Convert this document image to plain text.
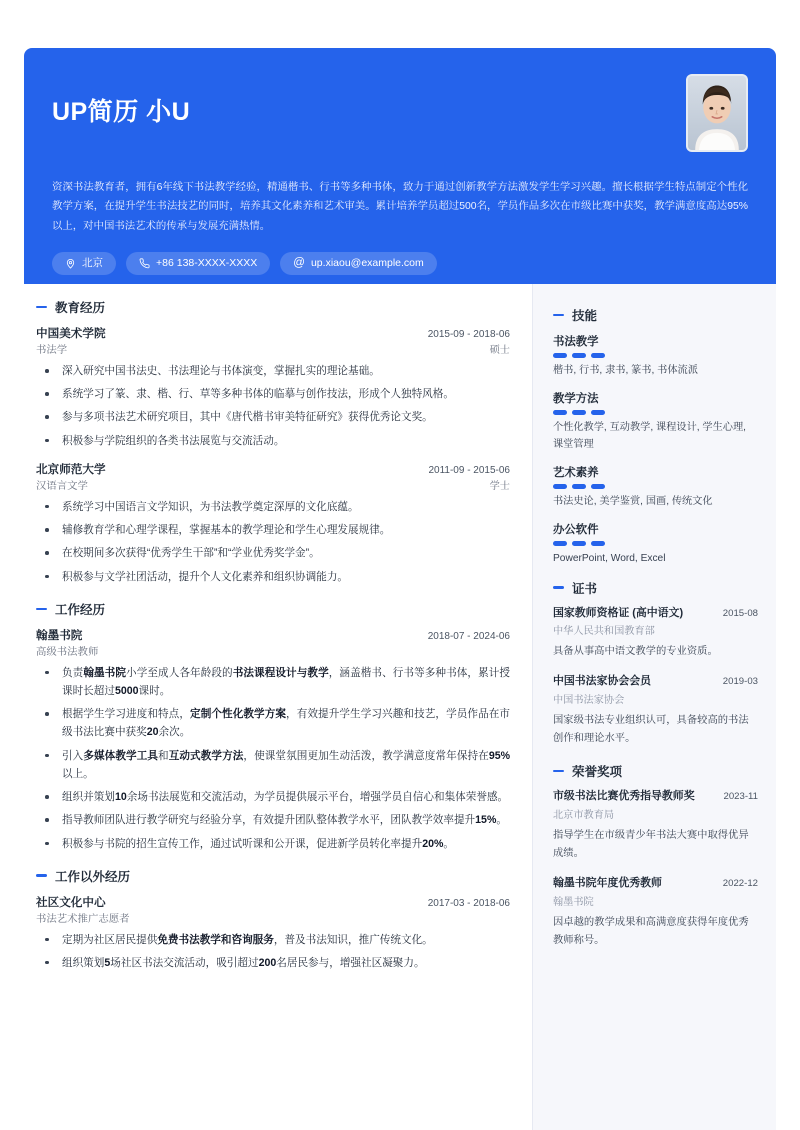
UP简历 小U
资深书法教育者，拥有6年线下书法教学经验，精通楷书、行书等多种书体，致力于通过创新教学方法激发学生学习兴趣。擅长根据学生特点制定个性化教学方案，在提升学生书法技艺的同时，培养其文化素养和艺术审美。累计培养学员超过500名，学员作品多次在市级比赛中获奖，教学满意度高达95%以上，对中国书法艺术的传承与发展充满热情。
北京	+86 138-XXXX-XXXX	@ up.xiaou@example.com
教育经历
中国美术学院	2015-09 - 2018-06
书法学	硕士
深入研究中国书法史、书法理论与书体演变，掌握扎实的理论基础。
系统学习了篆、隶、楷、行、草等多种书体的临摹与创作技法，形成个人独特风格。
参与多项书法艺术研究项目，其中《唐代楷书审美特征研究》获得优秀论文奖。
积极参与学院组织的各类书法展览与交流活动。
北京师范大学	2011-09 - 2015-06
汉语言文学	学士
系统学习中国语言文学知识，为书法教学奠定深厚的文化底蕴。
辅修教育学和心理学课程，掌握基本的教学理论和学生心理发展规律。
在校期间多次获得“优秀学生干部”和“学业优秀奖学金”。
积极参与文学社团活动，提升个人文化素养和组织协调能力。
工作经历
翰墨书院	2018-07 - 2024-06
高级书法教师
负责翰墨书院小学至成人各年龄段的书法课程设计与教学，涵盖楷书、行书等多种书体，累计授课时长超过5000课时。
根据学生学习进度和特点，定制个性化教学方案，有效提升学生学习兴趣和技艺，学员作品在市级书法比赛中获奖20余次。
引入多媒体教学工具和互动式教学方法，使课堂氛围更加生动活泼，教学满意度常年保持在95%以上。
组织并策划10余场书法展览和交流活动，为学员提供展示平台，增强学员自信心和集体荣誉感。
指导教师团队进行教学研究与经验分享，有效提升团队整体教学水平，团队教学效率提升15%。
积极参与书院的招生宣传工作，通过试听课和公开课，促进新学员转化率提升20%。
工作以外经历
社区文化中心	2017-03 - 2018-06
书法艺术推广志愿者
定期为社区居民提供免费书法教学和咨询服务，普及书法知识，推广传统文化。
组织策划5场社区书法交流活动，吸引超过200名居民参与，增强社区凝聚力。
技能
书法教学
楷书, 行书, 隶书, 篆书, 书体流派
教学方法
个性化教学, 互动教学, 课程设计, 学生心理, 课堂管理
艺术素养
书法史论, 美学鉴赏, 国画, 传统文化
办公软件
PowerPoint, Word, Excel
证书
国家教师资格证 (高中语文)	2015-08
中华人民共和国教育部
具备从事高中语文教学的专业资质。
中国书法家协会会员	2019-03
中国书法家协会
国家级书法专业组织认可，具备较高的书法创作和理论水平。
荣誉奖项
市级书法比赛优秀指导教师奖	2023-11
北京市教育局
指导学生在市级青少年书法大赛中取得优异成绩。
翰墨书院年度优秀教师	2022-12
翰墨书院
因卓越的教学成果和高满意度获得年度优秀教师称号。
